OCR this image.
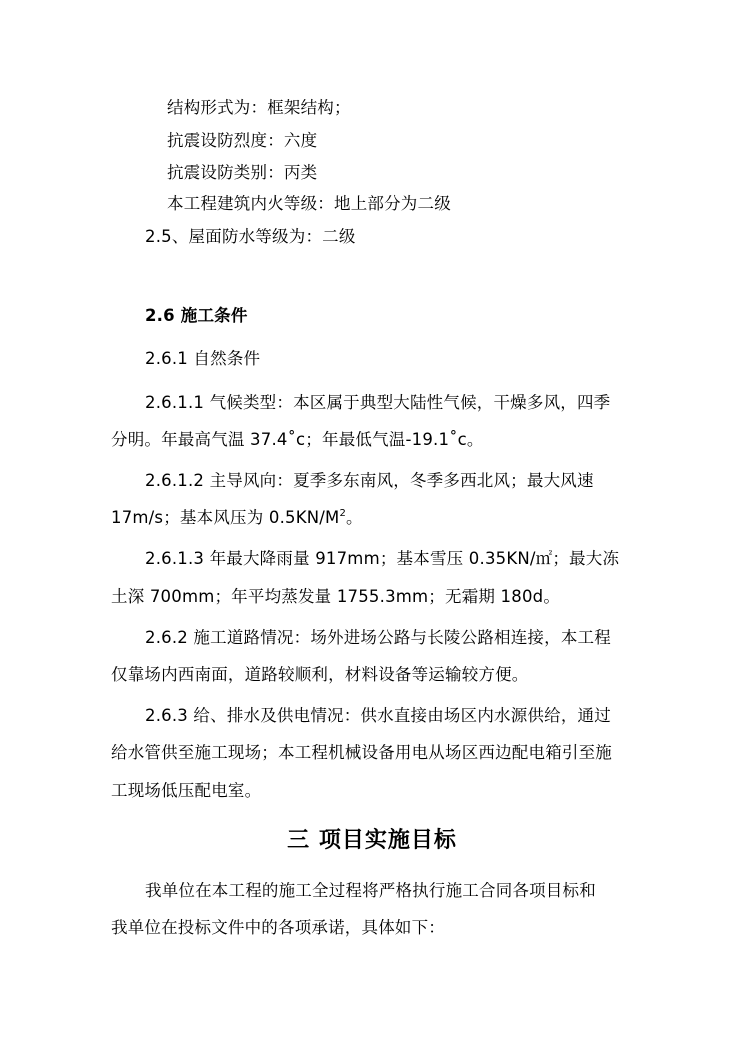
结构形式为：框架结构；
抗震设防烈度：六度
抗震设防类别：丙类
本工程建筑内火等级：地上部分为二级
2.5、屋面防水等级为：二级
2.6 施工条件
2.6.1 自然条件
2.6.1.1 气候类型：本区属于典型大陆性气候，干燥多风，四季
分明。年最高气温 37.4˚c；年最低气温-19.1˚c。
2.6.1.2 主导风向：夏季多东南风，冬季多西北风；最大风速
17m/s；基本风压为 $0.5KN/M^2$。
2.6.1.3 年最大降雨量 917mm；基本雪压 0.35KN/㎡；最大冻
土深 700mm；年平均蒸发量 1755.3mm；无霜期 180d。
2.6.2 施工道路情况：场外进场公路与长陵公路相连接，本工程
仅靠场内西南面，道路较顺利，材料设备等运输较方便。
2.6.3 给、排水及供电情况：供水直接由场区内水源供给，通过
给水管供至施工现场；本工程机械设备用电从场区西边配电箱引至施
工现场低压配电室。
三 项目实施目标
我单位在本工程的施工全过程将严格执行施工合同各项目标和
我单位在投标文件中的各项承诺，具体如下：
